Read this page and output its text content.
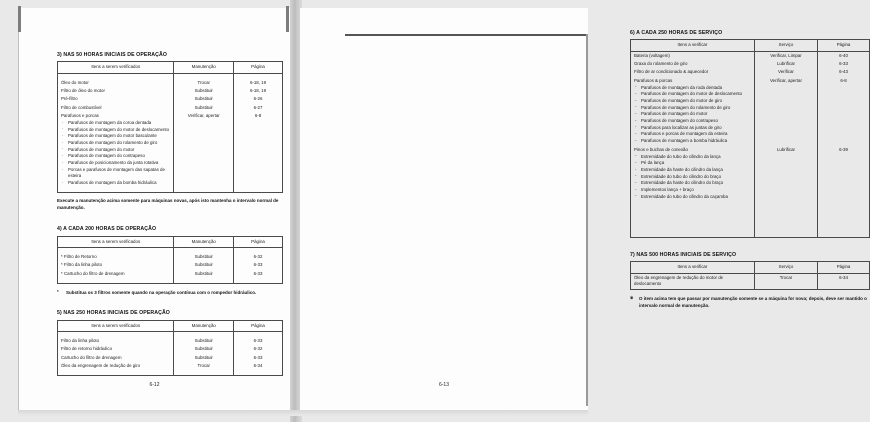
3) NAS 50 HORAS INICIAIS DE OPERAÇÃO
Itens a serem verificados	Manutenção	Página

Óleo do motor	Trocar	6-18, 19
Filtro de óleo do motor	Substituir	6-18, 19
Pré-filtro	Substituir	6-26
Filtro de combustível	Substituir	6-27

Parafusos e porcas
· Parafusos de montagem da coroa dentada
· Parafusos de montagem do motor de deslocamento
· Parafusos de montagem do motor basculante
· Parafusos de montagem do rolamento de giro
· Parafusos de montagem do motor
· Parafusos de montagem do contrapeso
· Parafusos de posicionamento da junta rotativa
· Porcas e parafusos de montagem das sapatas de esteira
· Parafusos de montagem da bomba hidráulica
	Verificar, apertar	6-8

Execute a manutenção acima somente para máquinas novas, após isto mantenha o intervalo normal de manutenção.

4) A CADA 200 HORAS DE OPERAÇÃO
Itens a serem verificados	Manutenção	Página

* Filtro de Retorno	Substituir	6-32
* Filtro da linha piloto	Substituir	6-33
* Cartucho do filtro de drenagem	Substituir	6-33

* Substitua os 3 filtros somente quando na operação contínua com o rompedor hidráulico.

5) NAS 250 HORAS INICIAIS DE OPERAÇÃO
Itens a serem verificados	Manutenção	Página

Filtro da linha piloto	Substituir	6-33
Filtro de retorno hidráulico	Substituir	6-32
Cartucho do filtro de drenagem	Substituir	6-33
Óleo da engrenagem de redução de giro	Trocar	6-34

6-12
6) A CADA 250 HORAS DE SERVIÇO
Itens a verificar	Serviço	Página
Bateria (voltagem)	Verificar, Limpar	6-40
Graxa do rolamento de giro	Lubrificar	6-33
Filtro de ar condicionado & aquecedor	Verificar	6-43

Parafusos & porcas
- Parafusos de montagem da roda dentada
- Parafusos de montagem do motor de deslocamento
- Parafusos de montagem do motor de giro
- Parafusos de montagem do rolamento de giro
- Parafusos de montagem do motor
- Parafusos de montagem do contrapeso
- Parafusos para localizar as juntas de giro
- Parafusos e porcas de montagem da esteira
- Parafusos de montagem a bomba hidráulica
	Verificar, apertar	6-8

Pinos e buchas de conexão
- Extremidade do tubo do cilindro da lança
- Pé da lança
- Extremidade da haste do cilindro da lança
- Extremidade do tubo do cilindro do braço
- Extremidade da haste do cilindro do braço
- Implementos lança + braço
- Extremidade do tubo do cilindro da caçamba
	Lubrificar	6-39

7) NAS 500 HORAS INICIAIS DE SERVIÇO
Itens a verificar	Serviço	Página
Óleo da engrenagem de redução do motor de deslocamento	Trocar	6-34

※ O item acima tem que passar por manutenção somente se a máquina for nova; depois, deve ser mantido o intervalo normal de manutenção.

6-13
